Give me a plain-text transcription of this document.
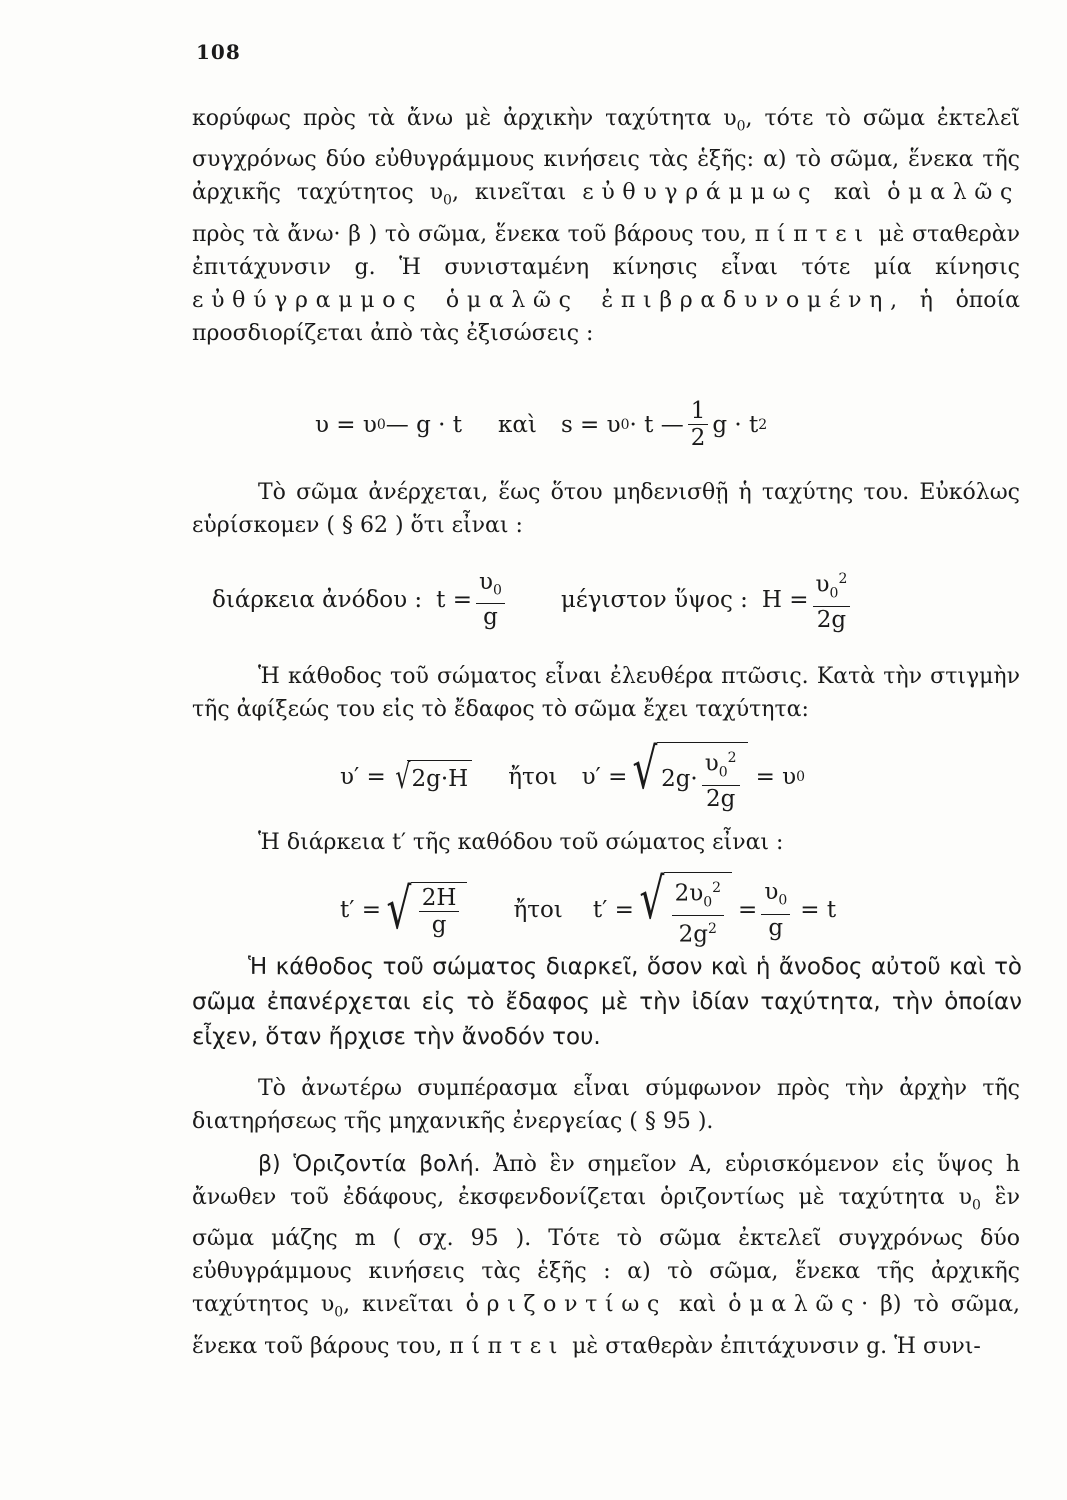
108
κορύφως πρὸς τὰ ἄνω μὲ ἀρχικὴν ταχύτητα $\upsilon_0$, τότε τὸ σῶμα ἐκτελεῖ συγχρόνως δύο εὐθυγράμμους κινήσεις τὰς ἑξῆς: α) τὸ σῶμα, ἕνεκα τῆς ἀρχικῆς ταχύτητος $\upsilon_0$, κινεῖται εὐθυγράμμως καὶ ὁμαλῶς πρὸς τὰ ἄνω· β ) τὸ σῶμα, ἕνεκα τοῦ βάρους του, πίπτει μὲ σταθερὰν ἐπιτάχυνσιν g. Ἡ συνισταμένη κίνησις εἶναι τότε μία κίνησις εὐθύγραμμος ὁμαλῶς ἐπιβραδυνομένη, ἡ ὁποία προσδιορίζεται ἀπὸ τὰς ἐξισώσεις :
υ = υ 0 — g · t καὶ s = υ 0 · t — $\frac{1}{2}$ g · t 2
Τὸ σῶμα ἀνέρχεται, ἕως ὅτου μηδενισθῇ ἡ ταχύτης του. Εὐκόλως εὑρίσκομεν ( § 62 ) ὅτι εἶναι :
διάρκεια ἀνόδου : $t = \frac{\upsilon_0}{g}$ μέγιστον ὕψος : $H = \frac{\upsilon_0^2}{2g}$
Ἡ κάθοδος τοῦ σώματος εἶναι ἐλευθέρα πτῶσις. Κατὰ τὴν στιγμὴν τῆς ἀφίξεώς του εἰς τὸ ἔδαφος τὸ σῶμα ἔχει ταχύτητα:
υ′ = √ 2g·H ἤτοι υ′ = √ $2g\cdot \frac{\upsilon_0^2}{2g} = \upsilon$ 0
Ἡ διάρκεια t′ τῆς καθόδου τοῦ σώματος εἶναι :
t′ = √ $\frac{2H}{g}$ ἤτοι t′ = √ $\frac{2\upsilon_0^2}{2g^2} = \frac{\upsilon_0}{g} = t$
Ἡ κάθοδος τοῦ σώματος διαρκεῖ, ὅσον καὶ ἡ ἄνοδος αὐτοῦ καὶ τὸ σῶμα ἐπανέρχεται εἰς τὸ ἔδαφος μὲ τὴν ἰδίαν ταχύτητα, τὴν ὁποίαν εἶχεν, ὅταν ἤρχισε τὴν ἄνοδόν του.
Τὸ ἀνωτέρω συμπέρασμα εἶναι σύμφωνον πρὸς τὴν ἀρχὴν τῆς διατηρήσεως τῆς μηχανικῆς ἐνεργείας ( § 95 ).
β) Ὁριζοντία βολή. Ἀπὸ ἓν σημεῖον A, εὑρισκόμενον εἰς ὕψος h ἄνωθεν τοῦ ἐδάφους, ἐκσφενδονίζεται ὁριζοντίως μὲ ταχύτητα $\upsilon_0$ ἓν σῶμα μάζης m ( σχ. 95 ). Τότε τὸ σῶμα ἐκτελεῖ συγχρόνως δύο εὐθυγράμμους κινήσεις τὰς ἑξῆς : α) τὸ σῶμα, ἕνεκα τῆς ἀρχικῆς ταχύτητος $\upsilon_0$, κινεῖται ὁριζοντίως καὶ ὁμαλῶς· β) τὸ σῶμα, ἕνεκα τοῦ βάρους του, πίπτει μὲ σταθερὰν ἐπιτάχυνσιν g. Ἡ συνι-
